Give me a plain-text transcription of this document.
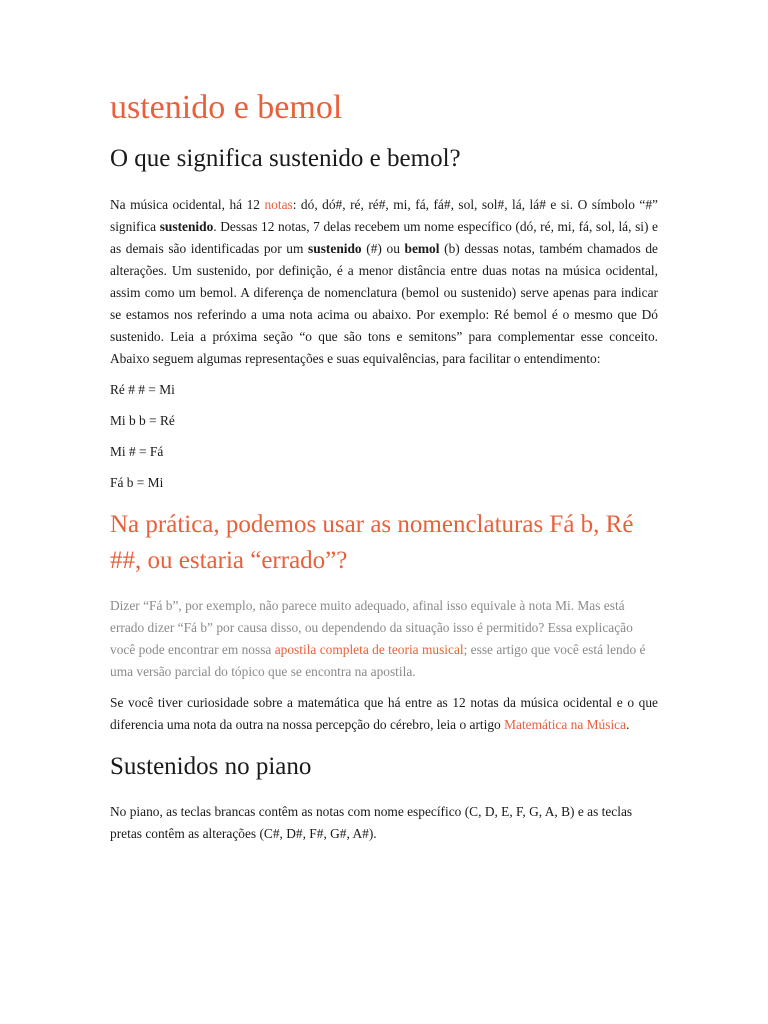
ustenido e bemol
O que significa sustenido e bemol?

Na música ocidental, há 12 notas: dó, dó#, ré, ré#, mi, fá, fá#, sol, sol#, lá, lá# e si. O símbolo “#” significa sustenido. Dessas 12 notas, 7 delas recebem um nome específico (dó, ré, mi, fá, sol, lá, si) e as demais são identificadas por um sustenido (#) ou bemol (b) dessas notas, também chamados de alterações. Um sustenido, por definição, é a menor distância entre duas notas na música ocidental, assim como um bemol. A diferença de nomenclatura (bemol ou sustenido) serve apenas para indicar se estamos nos referindo a uma nota acima ou abaixo. Por exemplo: Ré bemol é o mesmo que Dó sustenido. Leia a próxima seção “o que são tons e semitons” para complementar esse conceito. Abaixo seguem algumas representações e suas equivalências, para facilitar o entendimento:

Ré # # = Mi

Mi b b = Ré

Mi # = Fá

Fá b = Mi

Na prática, podemos usar as nomenclaturas Fá b, Ré ##, ou estaria “errado”?

Dizer “Fá b”, por exemplo, não parece muito adequado, afinal isso equivale à nota Mi. Mas está errado dizer “Fá b” por causa disso, ou dependendo da situação isso é permitido? Essa explicação você pode encontrar em nossa apostila completa de teoria musical; esse artigo que você está lendo é uma versão parcial do tópico que se encontra na apostila.

Se você tiver curiosidade sobre a matemática que há entre as 12 notas da música ocidental e o que diferencia uma nota da outra na nossa percepção do cérebro, leia o artigo Matemática na Música.

Sustenidos no piano

No piano, as teclas brancas contêm as notas com nome específico (C, D, E, F, G, A, B) e as teclas pretas contêm as alterações (C#, D#, F#, G#, A#).
